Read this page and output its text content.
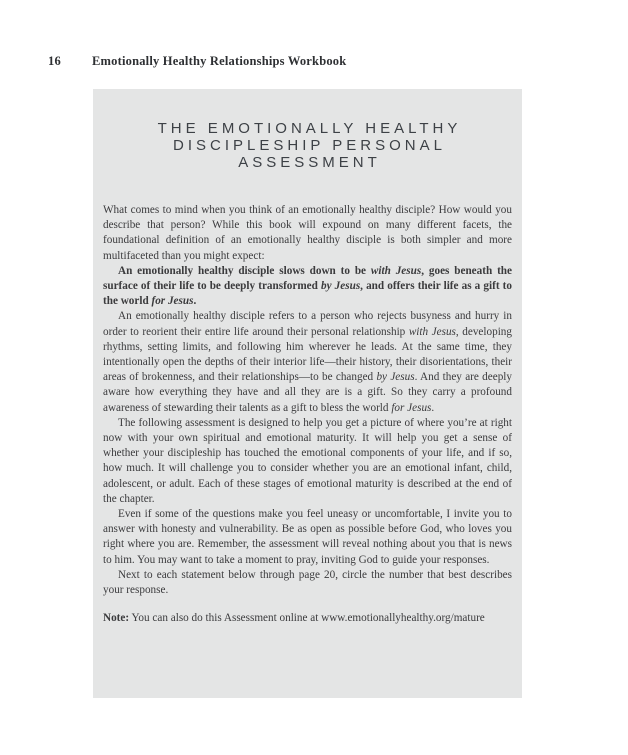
16 Emotionally Healthy Relationships Workbook
THE EMOTIONALLY HEALTHY
DISCIPLESHIP PERSONAL
ASSESSMENT

What comes to mind when you think of an emotionally healthy disciple? How would you describe that person? While this book will expound on many different facets, the foundational definition of an emotionally healthy disciple is both simpler and more multifaceted than you might expect:

An emotionally healthy disciple slows down to be with Jesus, goes beneath the surface of their life to be deeply transformed by Jesus, and offers their life as a gift to the world for Jesus.

An emotionally healthy disciple refers to a person who rejects busyness and hurry in order to reorient their entire life around their personal relationship with Jesus, developing rhythms, setting limits, and following him wherever he leads. At the same time, they intentionally open the depths of their interior life—their history, their disorientations, their areas of brokenness, and their relationships—to be changed by Jesus. And they are deeply aware how everything they have and all they are is a gift. So they carry a profound awareness of stewarding their talents as a gift to bless the world for Jesus.

The following assessment is designed to help you get a picture of where you’re at right now with your own spiritual and emotional maturity. It will help you get a sense of whether your discipleship has touched the emotional components of your life, and if so, how much. It will challenge you to consider whether you are an emotional infant, child, adolescent, or adult. Each of these stages of emotional maturity is described at the end of the chapter.

Even if some of the questions make you feel uneasy or uncomfortable, I invite you to answer with honesty and vulnerability. Be as open as possible before God, who loves you right where you are. Remember, the assessment will reveal nothing about you that is news to him. You may want to take a moment to pray, inviting God to guide your responses.

Next to each statement below through page 20, circle the number that best describes your response.

Note: You can also do this Assessment online at www.emotionallyhealthy.org/mature
